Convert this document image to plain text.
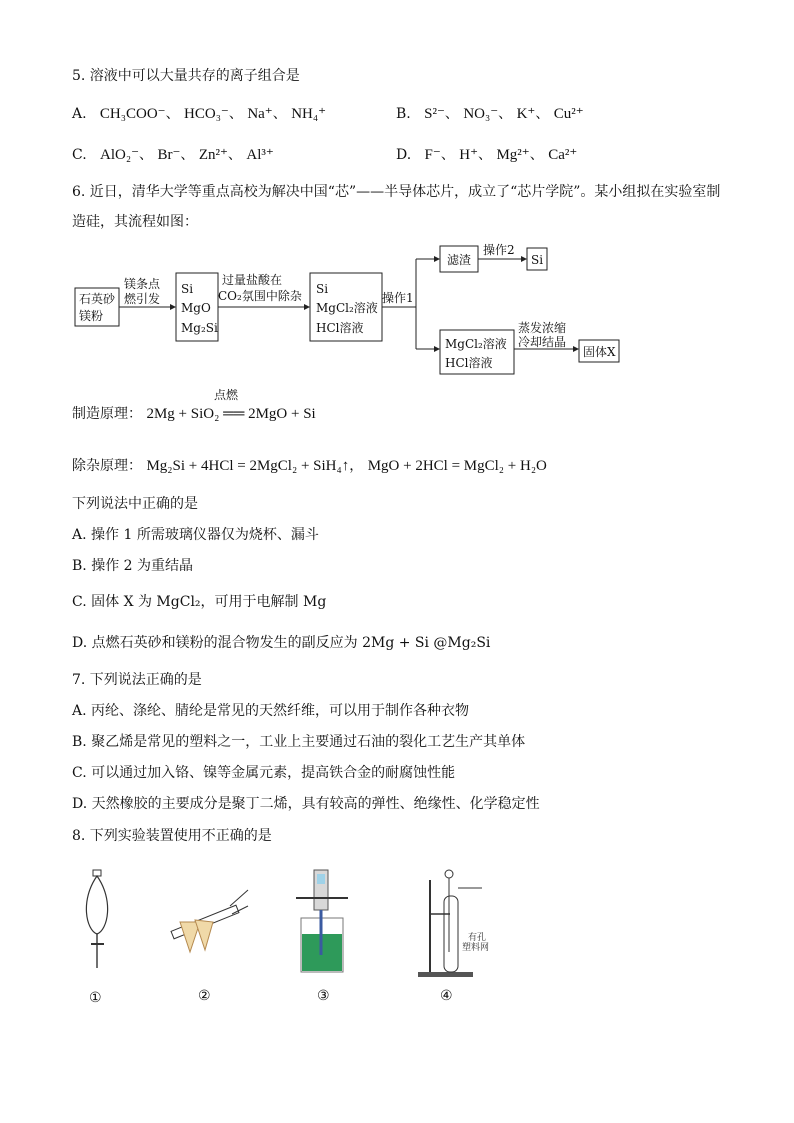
5. 溶液中可以大量共存的离子组合是
A. CH₃COO⁻、 HCO₃⁻、 Na⁺、 NH₄⁺	B. S²⁻、 NO₃⁻、 K⁺、 Cu²⁺
C. AlO₂⁻、 Br⁻、 Zn²⁺、 Al³⁺	D. F⁻、 H⁺、 Mg²⁺、 Ca²⁺
6. 近日，清华大学等重点高校为解决中国“芯”——半导体芯片，成立了“芯片学院”。某小组拟在实验室制
造硅，其流程如图：
石英砂
镁粉
镁条点
燃引发
Si
MgO
Mg₂Si
过量盐酸在
CO₂氛围中除杂 Si
MgCl₂溶液
HCl溶液
操作1
滤渣
操作2
Si
MgCl₂溶液
HCl溶液
蒸发浓缩
冷却结晶
固体X
制造原理： 2Mg + SiO₂ ══ 2MgO + Si
点燃
除杂原理： Mg₂Si + 4HCl = 2MgCl₂ + SiH₄↑， MgO + 2HCl = MgCl₂ + H₂O
下列说法中正确的是
A. 操作 1 所需玻璃仪器仅为烧杯、漏斗
B. 操作 2 为重结晶
C. 固体 X 为 MgCl₂，可用于电解制 Mg
D. 点燃石英砂和镁粉的混合物发生的副反应为 2Mg + Si @Mg₂Si
7. 下列说法正确的是
A. 丙纶、涤纶、腈纶是常见的天然纤维，可以用于制作各种衣物
B. 聚乙烯是常见的塑料之一，工业上主要通过石油的裂化工艺生产其单体
C. 可以通过加入铬、镍等金属元素，提高铁合金的耐腐蚀性能
D. 天然橡胶的主要成分是聚丁二烯，具有较高的弹性、绝缘性、化学稳定性
8. 下列实验装置使用不正确的是
有孔
塑料网
①	②	③	④
